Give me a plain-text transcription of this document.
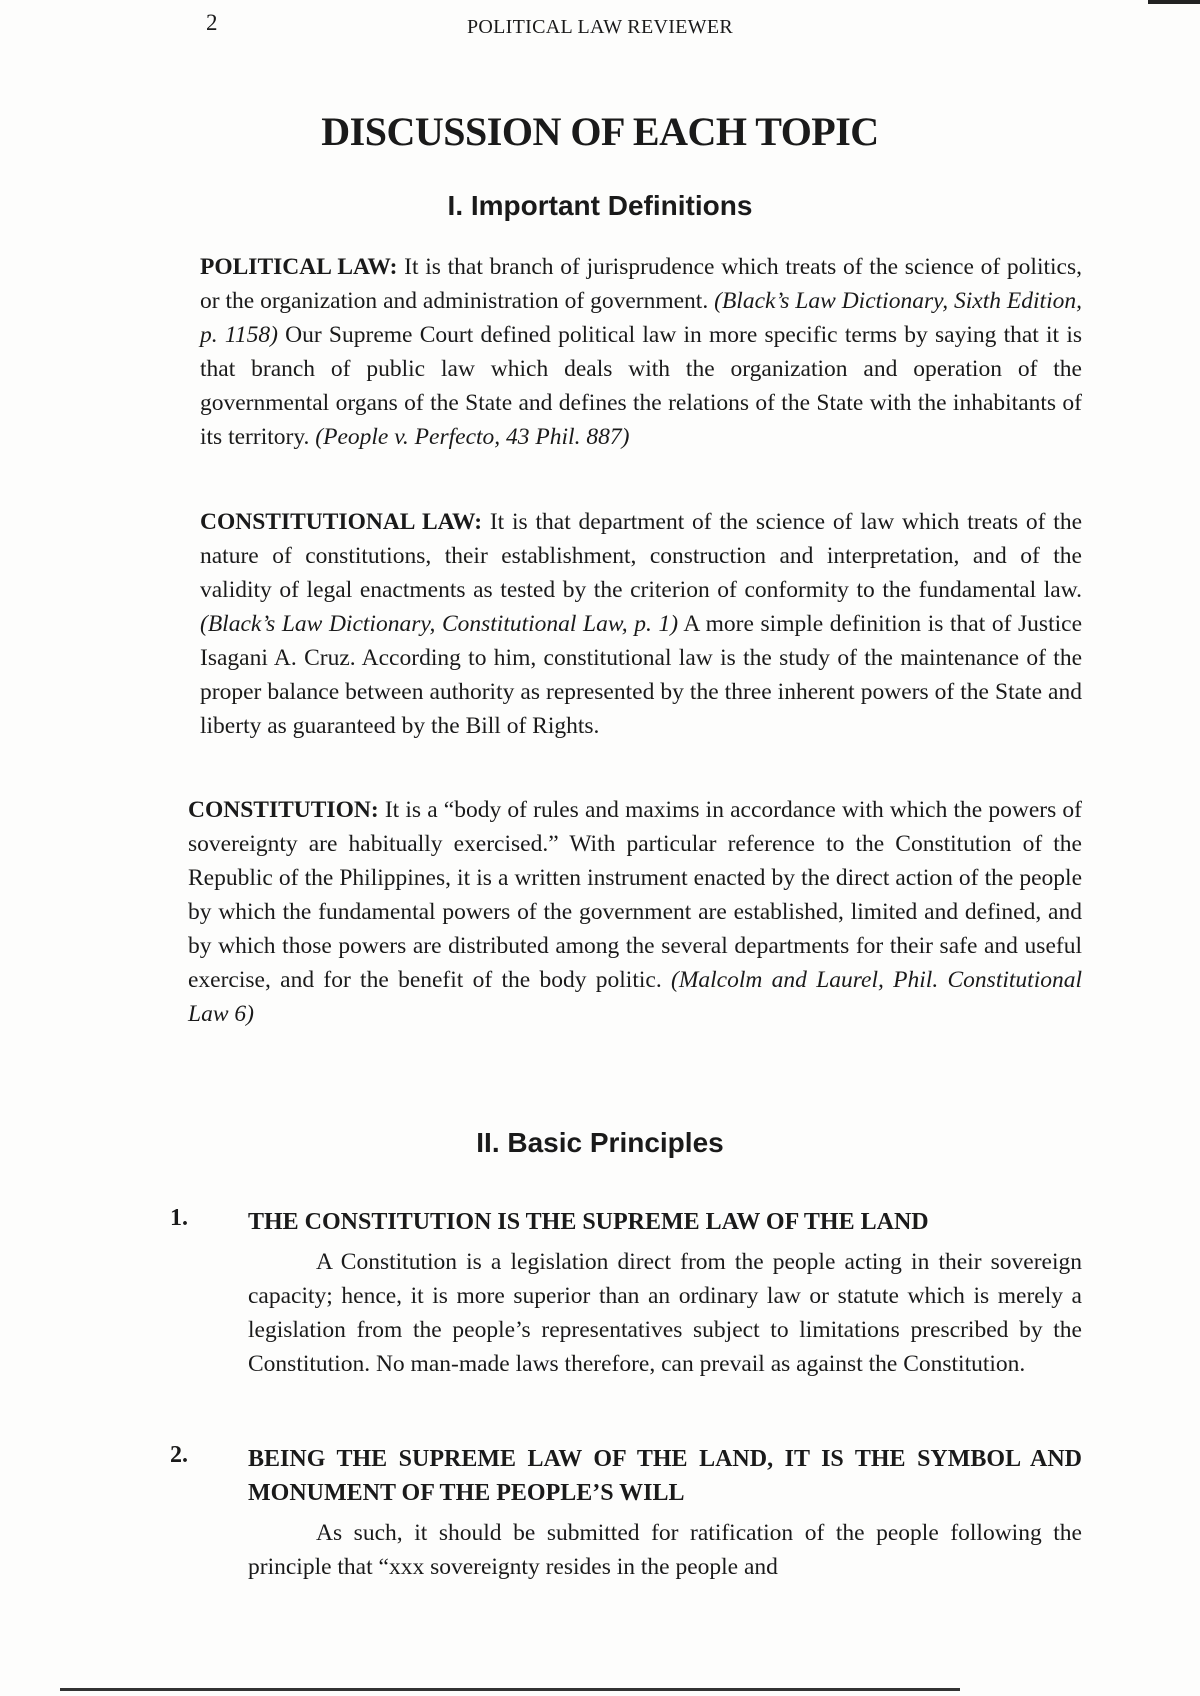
2	POLITICAL LAW REVIEWER
DISCUSSION OF EACH TOPIC
I. Important Definitions

POLITICAL LAW: It is that branch of jurisprudence which treats of the science of politics, or the organization and administration of government. (Black’s Law Dictionary, Sixth Edition, p. 1158) Our Supreme Court defined political law in more specific terms by saying that it is that branch of public law which deals with the organization and operation of the governmental organs of the State and defines the relations of the State with the inhabitants of its territory. (People v. Perfecto, 43 Phil. 887)

CONSTITUTIONAL LAW: It is that department of the science of law which treats of the nature of constitutions, their establishment, construction and interpretation, and of the validity of legal enactments as tested by the criterion of conformity to the fundamental law. (Black’s Law Dictionary, Constitutional Law, p. 1) A more simple definition is that of Justice Isagani A. Cruz. According to him, constitutional law is the study of the maintenance of the proper balance between authority as represented by the three inherent powers of the State and liberty as guaranteed by the Bill of Rights.

CONSTITUTION: It is a “body of rules and maxims in accordance with which the powers of sovereignty are habitually exercised.” With particular reference to the Constitution of the Republic of the Philippines, it is a written instrument enacted by the direct action of the people by which the fundamental powers of the government are established, limited and defined, and by which those powers are distributed among the several departments for their safe and useful exercise, and for the benefit of the body politic. (Malcolm and Laurel, Phil. Constitutional Law 6)

II. Basic Principles
1.	THE CONSTITUTION IS THE SUPREME LAW OF THE LAND

A Constitution is a legislation direct from the people acting in their sovereign capacity; hence, it is more superior than an ordinary law or statute which is merely a legislation from the people’s representatives subject to limitations prescribed by the Constitution. No man-made laws therefore, can prevail as against the Constitution.

2.	BEING THE SUPREME LAW OF THE LAND, IT IS THE SYMBOL AND MONUMENT OF THE PEOPLE’S WILL

As such, it should be submitted for ratification of the people following the principle that “xxx sovereignty resides in the people and
